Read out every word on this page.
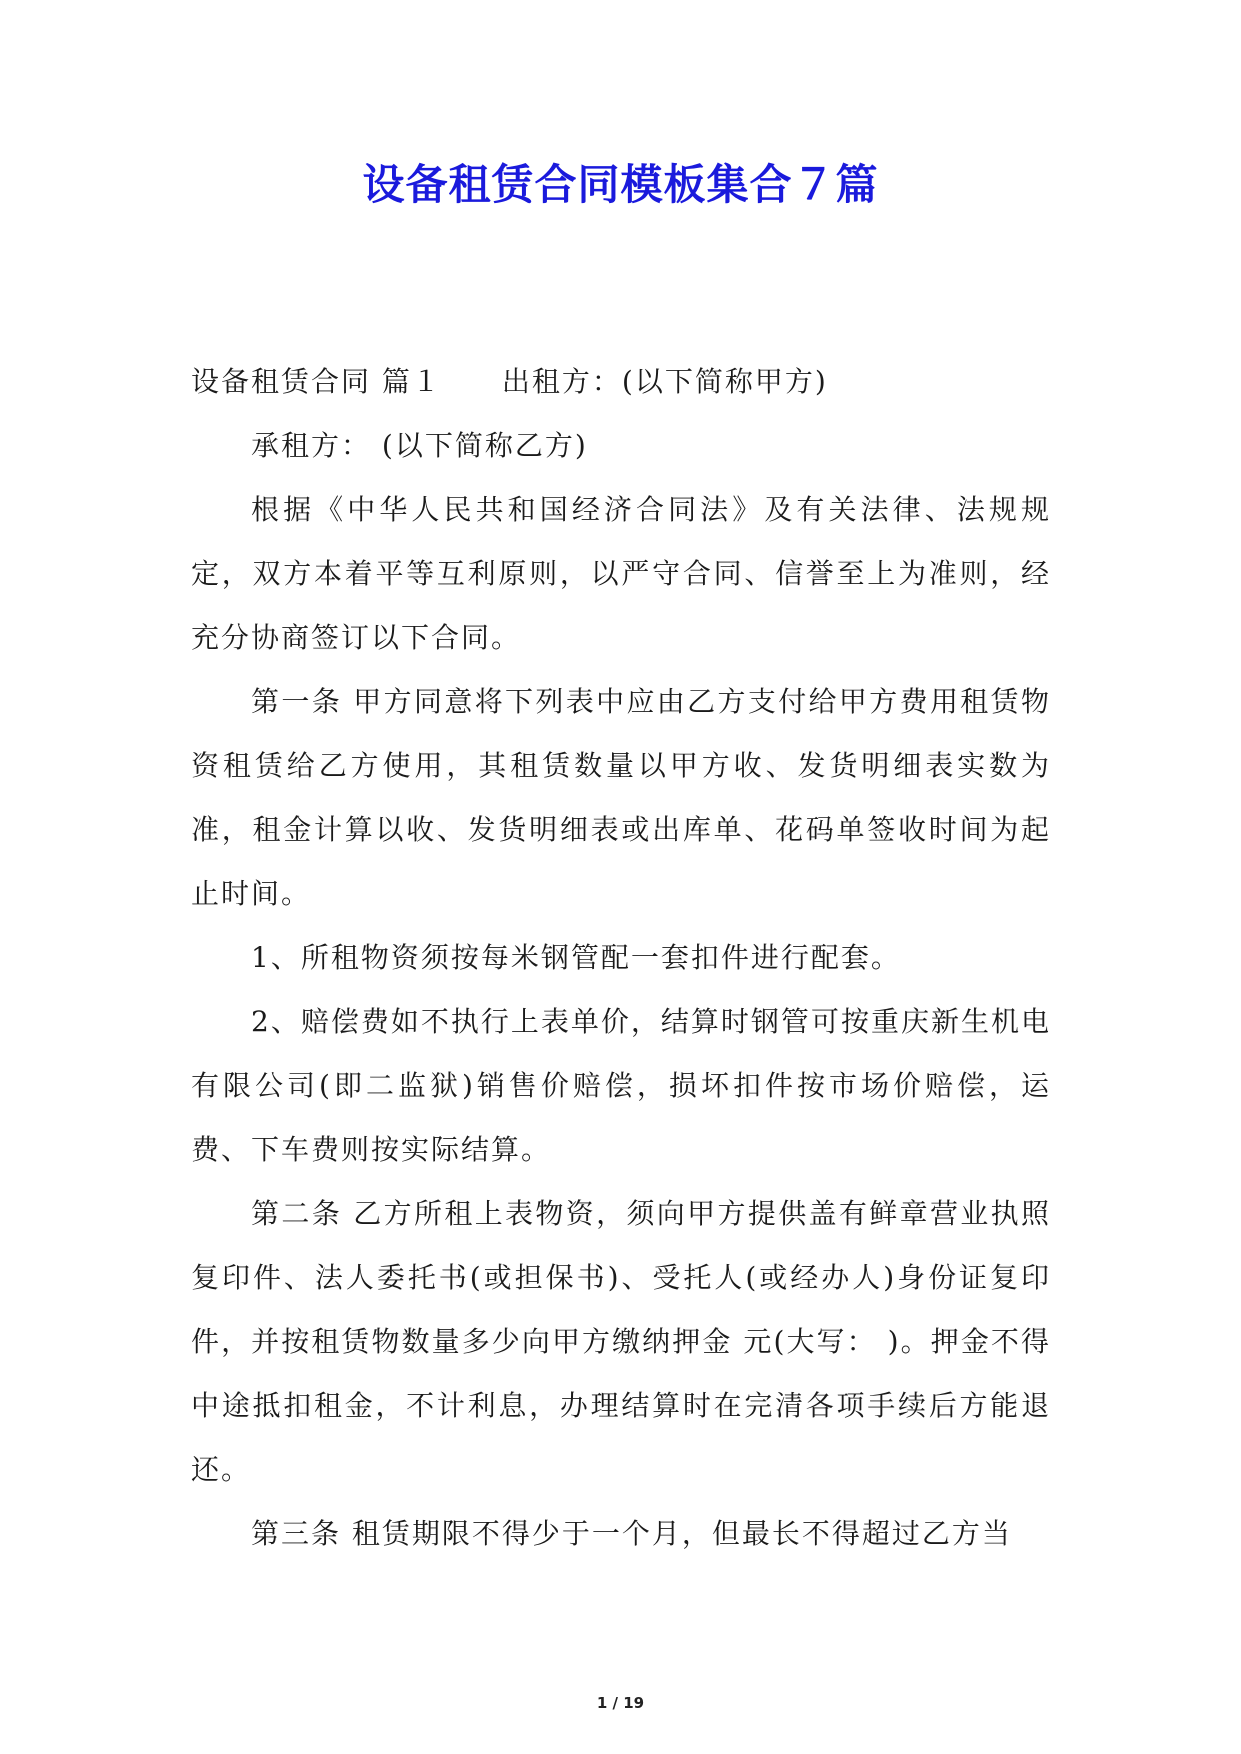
设备租赁合同模板集合７篇

设备租赁合同 篇１ 出租方：(以下简称甲方)

承租方： (以下简称乙方)

根据《中华人民共和国经济合同法》及有关法律、法规规定，双方本着平等互利原则，以严守合同、信誉至上为准则，经充分协商签订以下合同。

第一条 甲方同意将下列表中应由乙方支付给甲方费用租赁物资租赁给乙方使用，其租赁数量以甲方收、发货明细表实数为准，租金计算以收、发货明细表或出库单、花码单签收时间为起止时间。

1、所租物资须按每米钢管配一套扣件进行配套。

2、赔偿费如不执行上表单价，结算时钢管可按重庆新生机电有限公司(即二监狱)销售价赔偿，损坏扣件按市场价赔偿，运费、下车费则按实际结算。

第二条 乙方所租上表物资，须向甲方提供盖有鲜章营业执照复印件、法人委托书(或担保书)、受托人(或经办人)身份证复印件，并按租赁物数量多少向甲方缴纳押金 元(大写： )。押金不得中途抵扣租金，不计利息，办理结算时在完清各项手续后方能退还。

第三条 租赁期限不得少于一个月，但最长不得超过乙方当

1 / 19
